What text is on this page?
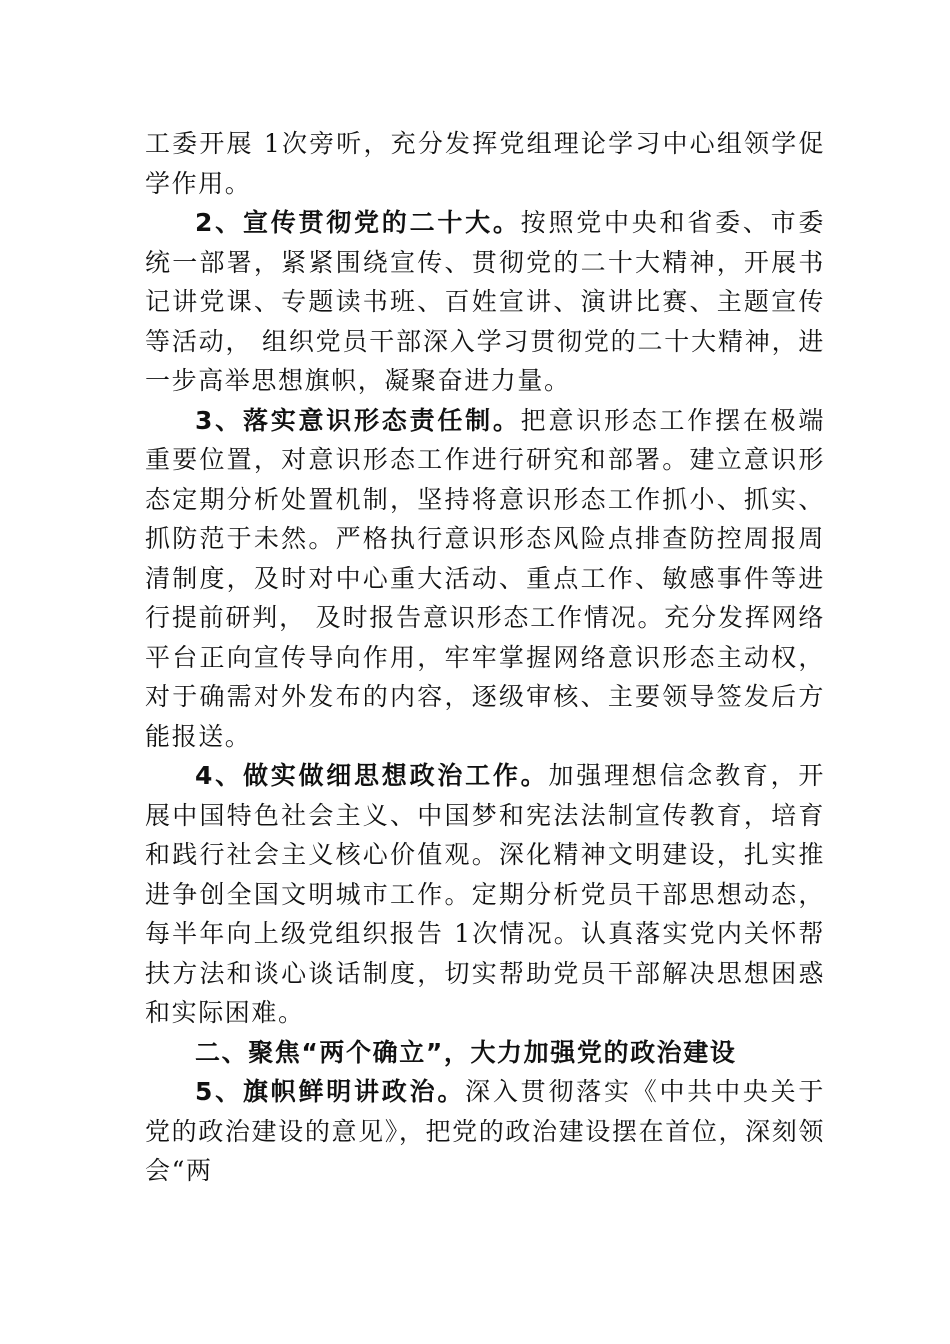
工委开展 1次旁听，充分发挥党组理论学习中心组领学促学作用。

2、宣传贯彻党的二十大。按照党中央和省委、市委统一部署，紧紧围绕宣传、贯彻党的二十大精神，开展书记讲党课、专题读书班、百姓宣讲、演讲比赛、主题宣传等活动， 组织党员干部深入学习贯彻党的二十大精神，进一步高举思想旗帜，凝聚奋进力量。

3、落实意识形态责任制。把意识形态工作摆在极端重要位置，对意识形态工作进行研究和部署。建立意识形态定期分析处置机制，坚持将意识形态工作抓小、抓实、抓防范于未然。严格执行意识形态风险点排查防控周报周清制度，及时对中心重大活动、重点工作、敏感事件等进行提前研判， 及时报告意识形态工作情况。充分发挥网络平台正向宣传导向作用，牢牢掌握网络意识形态主动权，对于确需对外发布的内容，逐级审核、主要领导签发后方能报送。

4、做实做细思想政治工作。加强理想信念教育，开展中国特色社会主义、中国梦和宪法法制宣传教育，培育和践行社会主义核心价值观。深化精神文明建设，扎实推进争创全国文明城市工作。定期分析党员干部思想动态，每半年向上级党组织报告 1次情况。认真落实党内关怀帮扶方法和谈心谈话制度，切实帮助党员干部解决思想困惑和实际困难。

二、聚焦“两个确立”，大力加强党的政治建设

5、旗帜鲜明讲政治。深入贯彻落实《中共中央关于党的政治建设的意见》，把党的政治建设摆在首位，深刻领会“两
